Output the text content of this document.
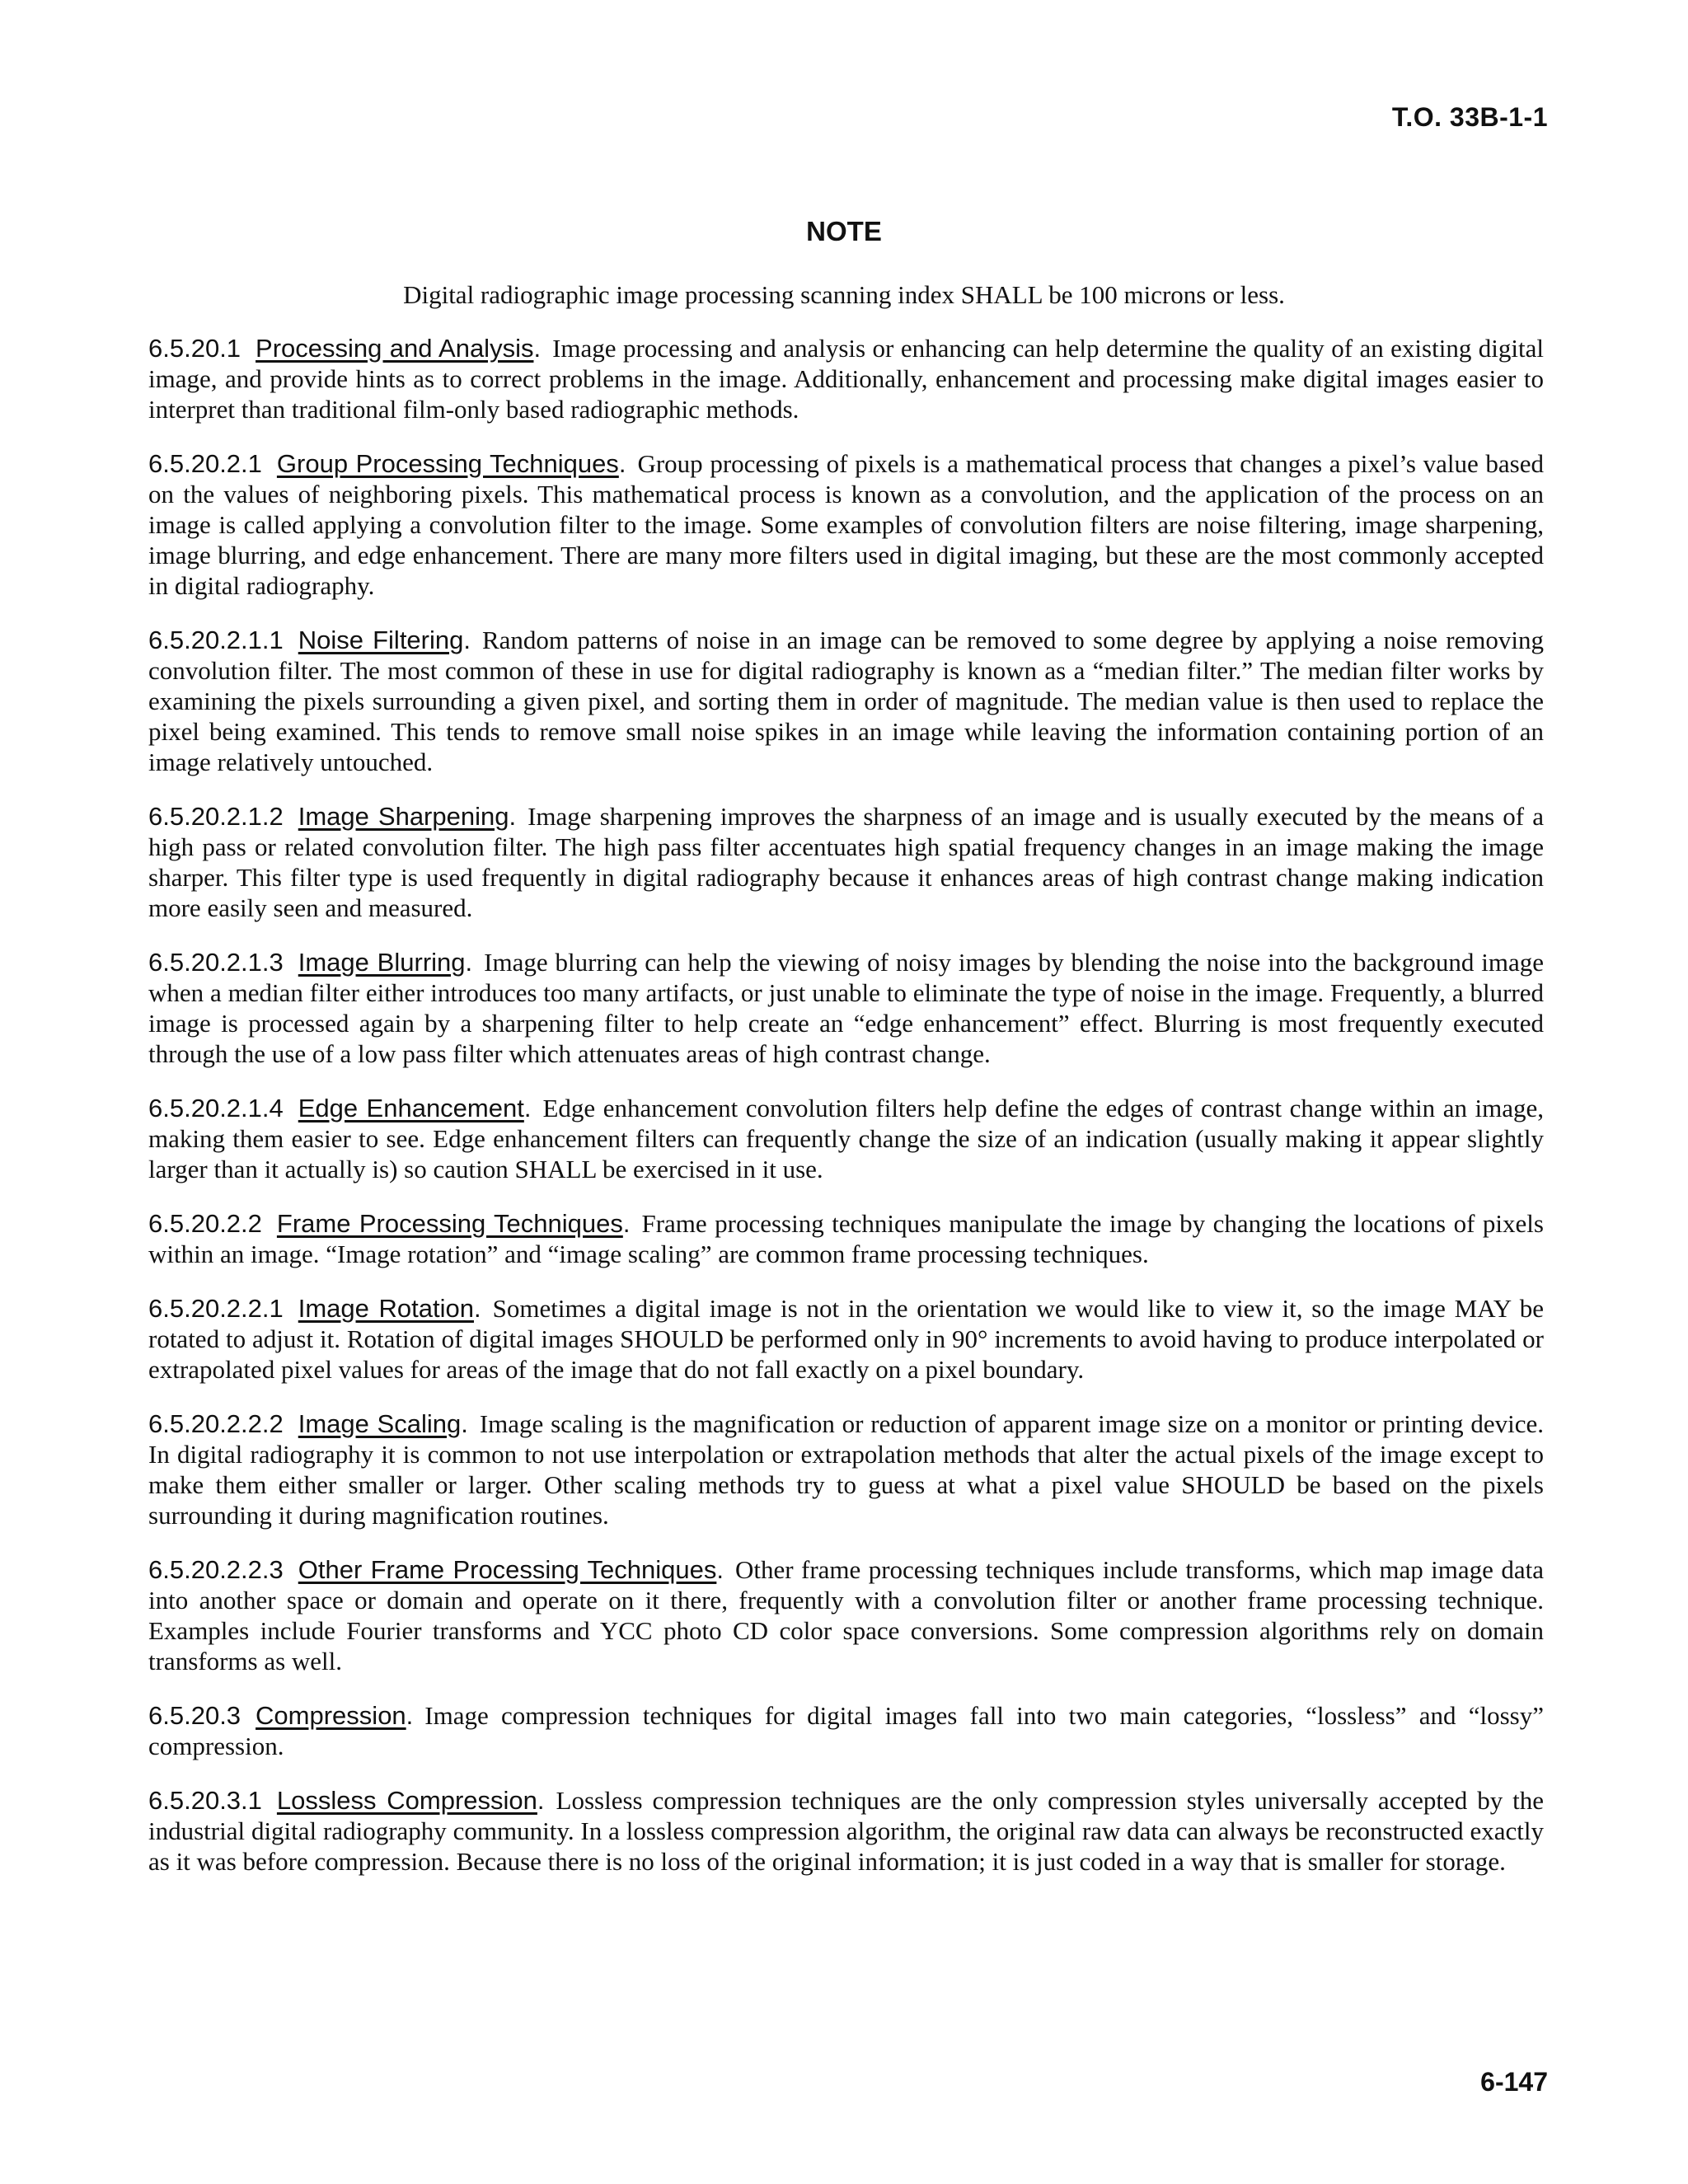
T.O. 33B-1-1
NOTE
Digital radiographic image processing scanning index SHALL be 100 microns or less.

6.5.20.1 Processing and Analysis. Image processing and analysis or enhancing can help determine the quality of an existing digital image, and provide hints as to correct problems in the image. Additionally, enhancement and processing make digital images easier to interpret than traditional film-only based radiographic methods.

6.5.20.2.1 Group Processing Techniques. Group processing of pixels is a mathematical process that changes a pixel’s value based on the values of neighboring pixels. This mathematical process is known as a convolution, and the application of the process on an image is called applying a convolution filter to the image. Some examples of convolution filters are noise filtering, image sharpening, image blurring, and edge enhancement. There are many more filters used in digital imaging, but these are the most commonly accepted in digital radiography.

6.5.20.2.1.1 Noise Filtering. Random patterns of noise in an image can be removed to some degree by applying a noise removing convolution filter. The most common of these in use for digital radiography is known as a “median filter.” The median filter works by examining the pixels surrounding a given pixel, and sorting them in order of magnitude. The median value is then used to replace the pixel being examined. This tends to remove small noise spikes in an image while leaving the information containing portion of an image relatively untouched.

6.5.20.2.1.2 Image Sharpening. Image sharpening improves the sharpness of an image and is usually executed by the means of a high pass or related convolution filter. The high pass filter accentuates high spatial frequency changes in an image making the image sharper. This filter type is used frequently in digital radiography because it enhances areas of high contrast change making indication more easily seen and measured.

6.5.20.2.1.3 Image Blurring. Image blurring can help the viewing of noisy images by blending the noise into the background image when a median filter either introduces too many artifacts, or just unable to eliminate the type of noise in the image. Frequently, a blurred image is processed again by a sharpening filter to help create an “edge enhancement” effect. Blurring is most frequently executed through the use of a low pass filter which attenuates areas of high contrast change.

6.5.20.2.1.4 Edge Enhancement. Edge enhancement convolution filters help define the edges of contrast change within an image, making them easier to see. Edge enhancement filters can frequently change the size of an indication (usually making it appear slightly larger than it actually is) so caution SHALL be exercised in it use.

6.5.20.2.2 Frame Processing Techniques. Frame processing techniques manipulate the image by changing the locations of pixels within an image. “Image rotation” and “image scaling” are common frame processing techniques.

6.5.20.2.2.1 Image Rotation. Sometimes a digital image is not in the orientation we would like to view it, so the image MAY be rotated to adjust it. Rotation of digital images SHOULD be performed only in 90° increments to avoid having to produce interpolated or extrapolated pixel values for areas of the image that do not fall exactly on a pixel boundary.

6.5.20.2.2.2 Image Scaling. Image scaling is the magnification or reduction of apparent image size on a monitor or printing device. In digital radiography it is common to not use interpolation or extrapolation methods that alter the actual pixels of the image except to make them either smaller or larger. Other scaling methods try to guess at what a pixel value SHOULD be based on the pixels surrounding it during magnification routines.

6.5.20.2.2.3 Other Frame Processing Techniques. Other frame processing techniques include transforms, which map image data into another space or domain and operate on it there, frequently with a convolution filter or another frame processing technique. Examples include Fourier transforms and YCC photo CD color space conversions. Some compression algorithms rely on domain transforms as well.

6.5.20.3 Compression. Image compression techniques for digital images fall into two main categories, “lossless” and “lossy” compression.

6.5.20.3.1 Lossless Compression. Lossless compression techniques are the only compression styles universally accepted by the industrial digital radiography community. In a lossless compression algorithm, the original raw data can always be reconstructed exactly as it was before compression. Because there is no loss of the original information; it is just coded in a way that is smaller for storage.

6-147
